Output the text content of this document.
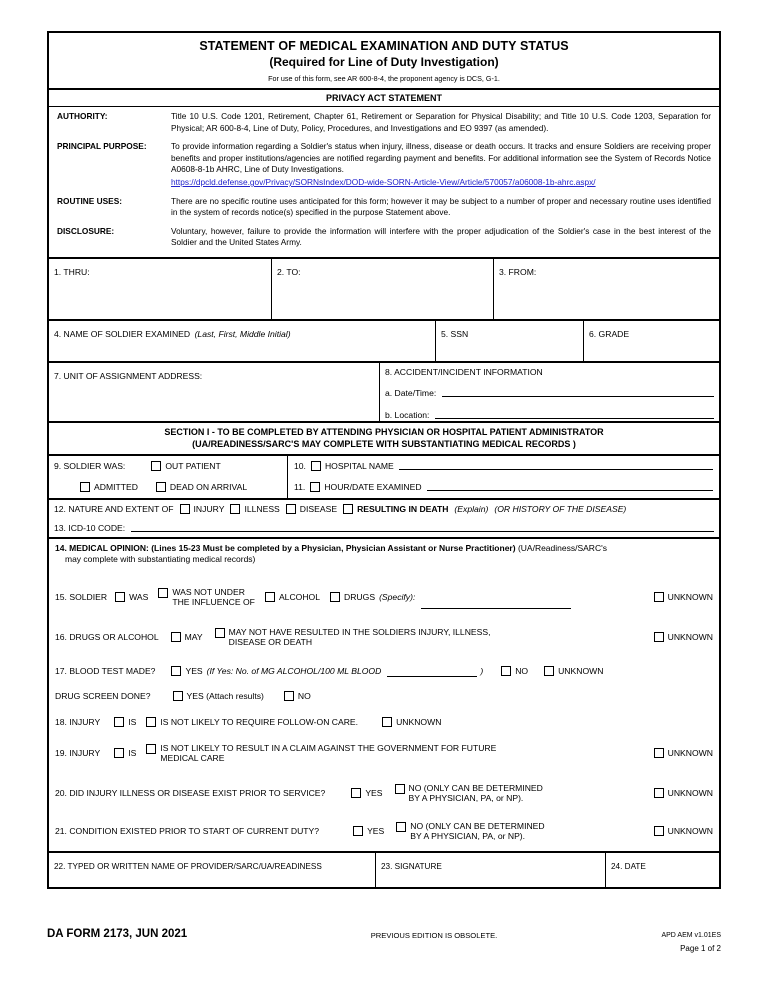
STATEMENT OF MEDICAL EXAMINATION AND DUTY STATUS
(Required for Line of Duty Investigation)
For use of this form, see AR 600-8-4, the proponent agency is DCS, G-1.
PRIVACY ACT STATEMENT
AUTHORITY:	Title 10 U.S. Code 1201, Retirement, Chapter 61, Retirement or Separation for Physical Disability; and Title 10 U.S. Code 1203, Separation for Physical; AR 600-8-4, Line of Duty, Policy, Procedures, and Investigations and EO 9397 (as amended).
PRINCIPAL PURPOSE:	To provide information regarding a Soldier's status when injury, illness, disease or death occurs. It tracks and ensure Soldiers are receiving proper benefits and proper institutions/agencies are notified regarding payment and benefits. For additional information see the System of Records Notice A0608-8-1b AHRC, Line of Duty Investigations.
https://dpcld.defense.gov/Privacy/SORNsIndex/DOD-wide-SORN-Article-View/Article/570057/a06008-1b-ahrc.aspx/
ROUTINE USES:	There are no specific routine uses anticipated for this form; however it may be subject to a number of proper and necessary routine uses identified in the system of records notice(s) specified in the purpose Statement above.
DISCLOSURE:	Voluntary, however, failure to provide the information will interfere with the proper adjudication of the Soldier's case in the best interest of the Soldier and the United States Army.
1. THRU:	2. TO:	3. FROM:
4. NAME OF SOLDIER EXAMINED (Last, First, Middle Initial)	5. SSN	6. GRADE
7. UNIT OF ASSIGNMENT ADDRESS:	8. ACCIDENT/INCIDENT INFORMATION
a. Date/Time:
b. Location:
SECTION I - TO BE COMPLETED BY ATTENDING PHYSICIAN OR HOSPITAL PATIENT ADMINISTRATOR
(UA/READINESS/SARC'S MAY COMPLETE WITH SUBSTANTIATING MEDICAL RECORDS )
9. SOLDIER WAS:	OUT PATIENT
ADMITTED	DEAD ON ARRIVAL
10. HOSPITAL NAME
11. HOUR/DATE EXAMINED
12. NATURE AND EXTENT OF INJURY ILLNESS DISEASE RESULTING IN DEATH (Explain) (OR HISTORY OF THE DISEASE)
13. ICD-10 CODE:
14. MEDICAL OPINION: (Lines 15-23 Must be completed by a Physician, Physician Assistant or Nurse Practitioner) (UA/Readiness/SARC's
may complete with substantiating medical records)
15. SOLDIER	WAS	WAS NOT UNDER
THE INFLUENCE OF	ALCOHOL	DRUGS (Specify):	UNKNOWN
16. DRUGS OR ALCOHOL	MAY	MAY NOT HAVE RESULTED IN THE SOLDIERS INJURY, ILLNESS,
DISEASE OR DEATH	UNKNOWN
17. BLOOD TEST MADE?	YES (If Yes: No. of MG ALCOHOL/100 ML BLOOD	)	NO	UNKNOWN
DRUG SCREEN DONE?	YES (Attach results)	NO
18. INJURY	IS	IS NOT LIKELY TO REQUIRE FOLLOW-ON CARE.	UNKNOWN
19. INJURY	IS	IS NOT LIKELY TO RESULT IN A CLAIM AGAINST THE GOVERNMENT FOR FUTURE
MEDICAL CARE	UNKNOWN
20. DID INJURY ILLNESS OR DISEASE EXIST PRIOR TO SERVICE?	YES	NO (ONLY CAN BE DETERMINED
BY A PHYSICIAN, PA, or NP).	UNKNOWN
21. CONDITION EXISTED PRIOR TO START OF CURRENT DUTY?	YES	NO (ONLY CAN BE DETERMINED
BY A PHYSICIAN, PA, or NP).	UNKNOWN
22. TYPED OR WRITTEN NAME OF PROVIDER/SARC/UA/READINESS	23. SIGNATURE	24. DATE
DA FORM 2173, JUN 2021	PREVIOUS EDITION IS OBSOLETE.	APD AEM v1.01ES
Page 1 of 2
